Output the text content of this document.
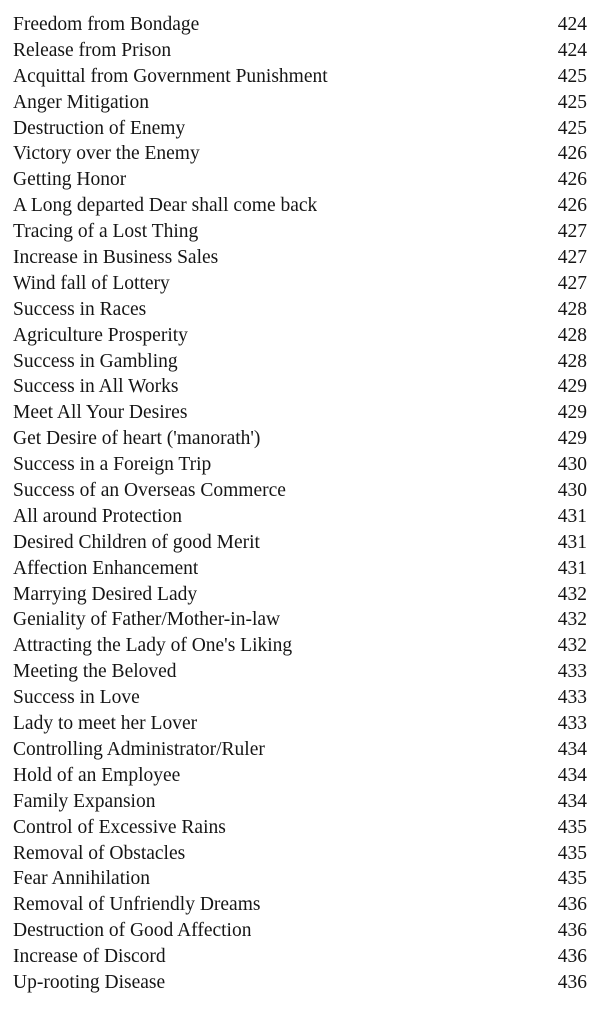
Freedom from Bondage	424
Release from Prison	424
Acquittal from Government Punishment	425
Anger Mitigation	425
Destruction of Enemy	425
Victory over the Enemy	426
Getting Honor	426
A Long departed Dear shall come back	426
Tracing of a Lost Thing	427
Increase in Business Sales	427
Wind fall of Lottery	427
Success in Races	428
Agriculture Prosperity	428
Success in Gambling	428
Success in All Works	429
Meet All Your Desires	429
Get Desire of heart ('manorath')	429
Success in a Foreign Trip	430
Success of an Overseas Commerce	430
All around Protection	431
Desired Children of good Merit	431
Affection Enhancement	431
Marrying Desired Lady	432
Geniality of Father/Mother-in-law	432
Attracting the Lady of One's Liking	432
Meeting the Beloved	433
Success in Love	433
Lady to meet her Lover	433
Controlling Administrator/Ruler	434
Hold of an Employee	434
Family Expansion	434
Control of Excessive Rains	435
Removal of Obstacles	435
Fear Annihilation	435
Removal of Unfriendly Dreams	436
Destruction of Good Affection	436
Increase of Discord	436
Up-rooting Disease	436
